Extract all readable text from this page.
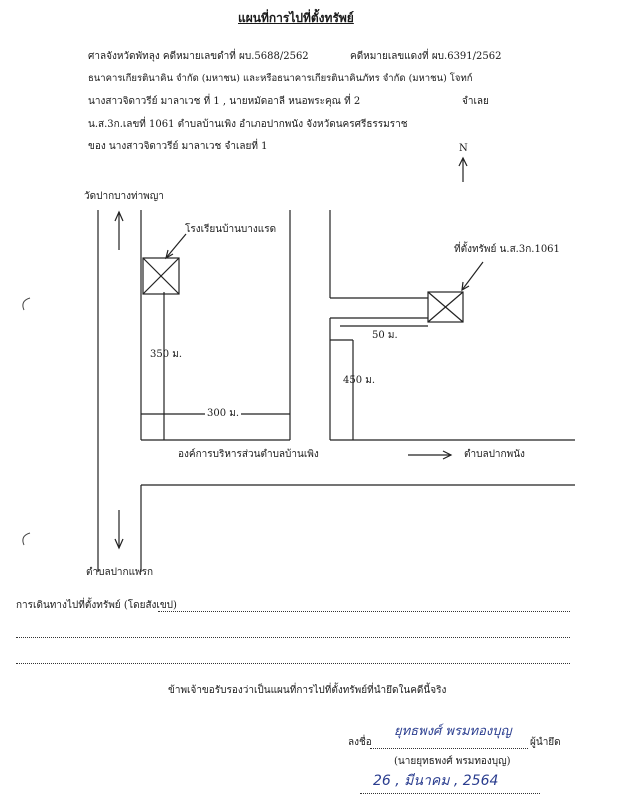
แผนที่การไปที่ตั้งทรัพย์
ศาลจังหวัดพัทลุง คดีหมายเลขดำที่ ผบ.5688/2562	คดีหมายเลขแดงที่ ผบ.6391/2562
ธนาคารเกียรตินาคิน จำกัด (มหาชน) และหรือธนาคารเกียรตินาคินภัทร จำกัด (มหาชน) โจทก์
นางสาวจิดาวรีย์ มาลาเวช ที่ 1 , นายหมัดอาลี หนอพระคุณ ที่ 2	จำเลย
น.ส.3ก.เลขที่ 1061 ตำบลบ้านเพิง อำเภอปากพนัง จังหวัดนครศรีธรรมราช
ของ นางสาวจิดาวรีย์ มาลาเวช จำเลยที่ 1	N
วัดปากบางท่าพญา
โรงเรียนบ้านบางแรด
ที่ตั้งทรัพย์ น.ส.3ก.1061
350 ม.
300 ม.
50 ม.
450 ม.
องค์การบริหารส่วนตำบลบ้านเพิง	ตำบลปากพนัง
ตำบลปากแพรก
การเดินทางไปที่ตั้งทรัพย์ (โดยสังเขป)
ข้าพเจ้าขอรับรองว่าเป็นแผนที่การไปที่ตั้งทรัพย์ที่นำยึดในคดีนี้จริง
ลงชื่อ
ยุทธพงศ์ พรมทองบุญ
ผู้นำยึด
(นายยุทธพงศ์ พรมทองบุญ)
26 , มีนาคม , 2564
